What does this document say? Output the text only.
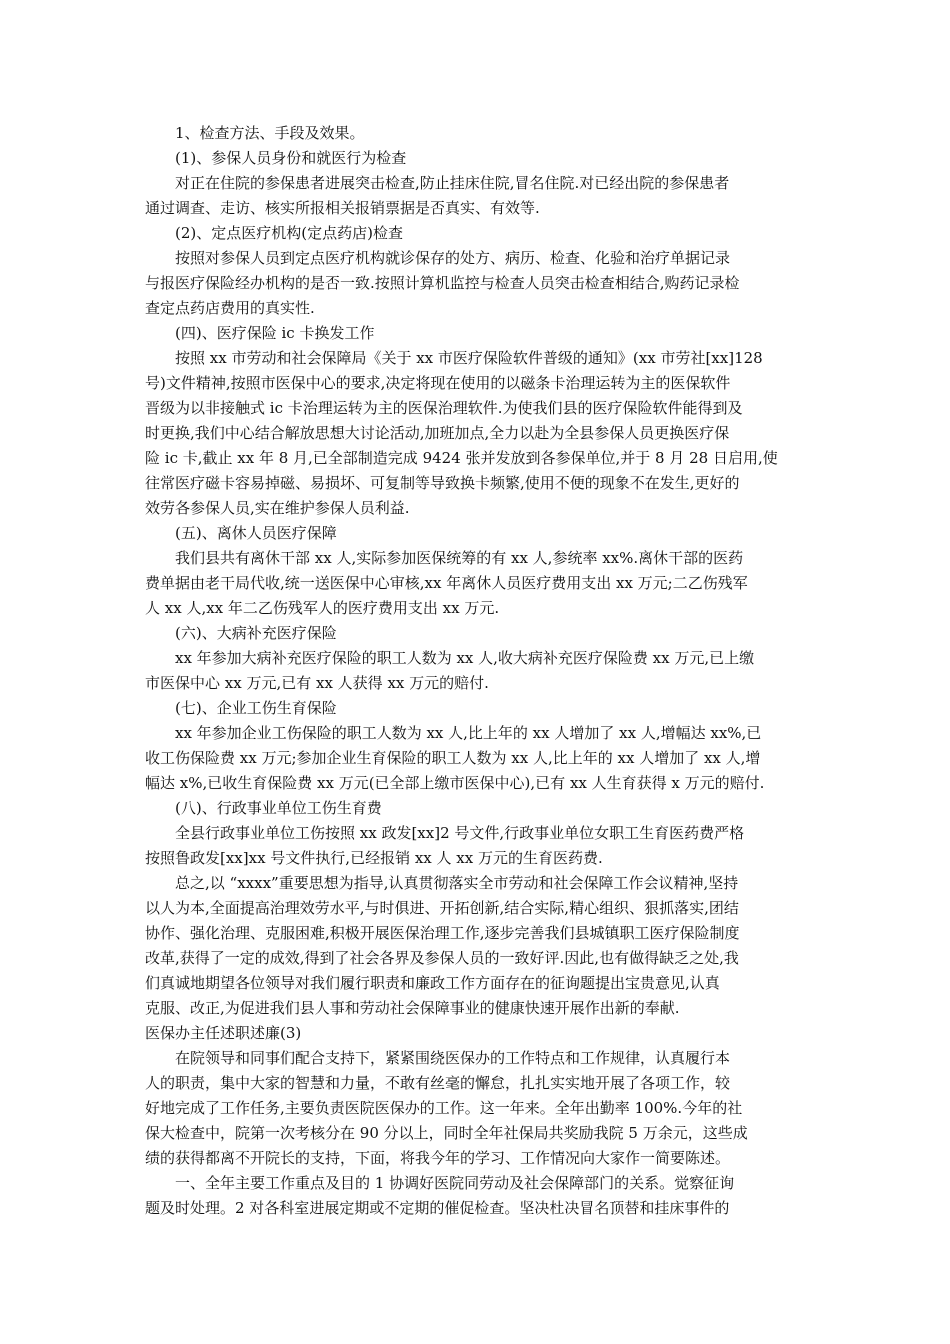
1、检查方法、手段及效果。

(1)、参保人员身份和就医行为检查

对正在住院的参保患者进展突击检查,防止挂床住院,冒名住院.对已经出院的参保患者

通过调查、走访、核实所报相关报销票据是否真实、有效等.

(2)、定点医疗机构(定点药店)检查

按照对参保人员到定点医疗机构就诊保存的处方、病历、检查、化验和治疗单据记录

与报医疗保险经办机构的是否一致.按照计算机监控与检查人员突击检查相结合,购药记录检

查定点药店费用的真实性.

(四)、医疗保险 ic 卡换发工作

按照 xx 市劳动和社会保障局《关于 xx 市医疗保险软件普级的通知》(xx 市劳社[xx]128

号)文件精神,按照市医保中心的要求,决定将现在使用的以磁条卡治理运转为主的医保软件

晋级为以非接触式 ic 卡治理运转为主的医保治理软件.为使我们县的医疗保险软件能得到及

时更换,我们中心结合解放思想大讨论活动,加班加点,全力以赴为全县参保人员更换医疗保

险 ic 卡,截止 xx 年 8 月,已全部制造完成 9424 张并发放到各参保单位,并于 8 月 28 日启用,使

往常医疗磁卡容易掉磁、易损坏、可复制等导致换卡频繁,使用不便的现象不在发生,更好的

效劳各参保人员,实在维护参保人员利益.

(五)、离休人员医疗保障

我们县共有离休干部 xx 人,实际参加医保统筹的有 xx 人,参统率 xx%.离休干部的医药

费单据由老干局代收,统一送医保中心审核,xx 年离休人员医疗费用支出 xx 万元;二乙伤残军

人 xx 人,xx 年二乙伤残军人的医疗费用支出 xx 万元.

(六)、大病补充医疗保险

xx 年参加大病补充医疗保险的职工人数为 xx 人,收大病补充医疗保险费 xx 万元,已上缴

市医保中心 xx 万元,已有 xx 人获得 xx 万元的赔付.

(七)、企业工伤生育保险

xx 年参加企业工伤保险的职工人数为 xx 人,比上年的 xx 人增加了 xx 人,增幅达 xx%,已

收工伤保险费 xx 万元;参加企业生育保险的职工人数为 xx 人,比上年的 xx 人增加了 xx 人,增

幅达 x%,已收生育保险费 xx 万元(已全部上缴市医保中心),已有 xx 人生育获得 x 万元的赔付.

(八)、行政事业单位工伤生育费

全县行政事业单位工伤按照 xx 政发[xx]2 号文件,行政事业单位女职工生育医药费严格

按照鲁政发[xx]xx 号文件执行,已经报销 xx 人 xx 万元的生育医药费.

总之,以 “xxxx”重要思想为指导,认真贯彻落实全市劳动和社会保障工作会议精神,坚持

以人为本,全面提高治理效劳水平,与时俱进、开拓创新,结合实际,精心组织、狠抓落实,团结

协作、强化治理、克服困难,积极开展医保治理工作,逐步完善我们县城镇职工医疗保险制度

改革,获得了一定的成效,得到了社会各界及参保人员的一致好评.因此,也有做得缺乏之处,我

们真诚地期望各位领导对我们履行职责和廉政工作方面存在的征询题提出宝贵意见,认真

克服、改正,为促进我们县人事和劳动社会保障事业的健康快速开展作出新的奉献.

医保办主任述职述廉(3)

在院领导和同事们配合支持下，紧紧围绕医保办的工作特点和工作规律，认真履行本

人的职责，集中大家的智慧和力量，不敢有丝毫的懈怠，扎扎实实地开展了各项工作，较

好地完成了工作任务,主要负责医院医保办的工作。这一年来。全年出勤率 100%.今年的社

保大检查中，院第一次考核分在 90 分以上，同时全年社保局共奖励我院 5 万余元，这些成

绩的获得都离不开院长的支持，下面，将我今年的学习、工作情况向大家作一简要陈述。

一、全年主要工作重点及目的 1 协调好医院同劳动及社会保障部门的关系。觉察征询

题及时处理。2 对各科室进展定期或不定期的催促检查。坚决杜决冒名顶替和挂床事件的
